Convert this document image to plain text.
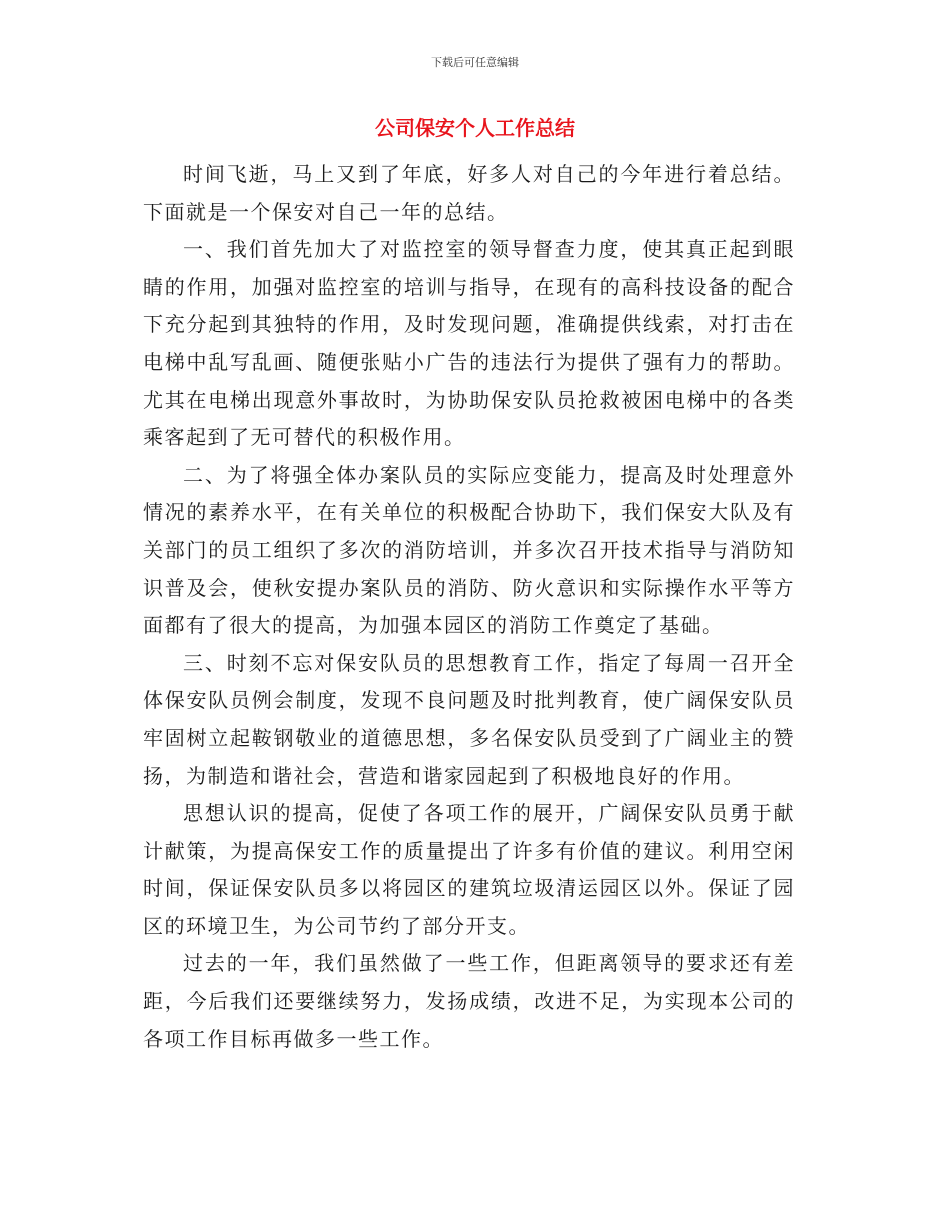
下载后可任意编辑
公司保安个人工作总结

时间飞逝，马上又到了年底，好多人对自己的今年进行着总结。下面就是一个保安对自己一年的总结。

一、我们首先加大了对监控室的领导督查力度，使其真正起到眼睛的作用，加强对监控室的培训与指导，在现有的高科技设备的配合下充分起到其独特的作用，及时发现问题，准确提供线索，对打击在电梯中乱写乱画、随便张贴小广告的违法行为提供了强有力的帮助。尤其在电梯出现意外事故时，为协助保安队员抢救被困电梯中的各类乘客起到了无可替代的积极作用。

二、为了将强全体办案队员的实际应变能力，提高及时处理意外情况的素养水平，在有关单位的积极配合协助下，我们保安大队及有关部门的员工组织了多次的消防培训，并多次召开技术指导与消防知识普及会，使秋安提办案队员的消防、防火意识和实际操作水平等方面都有了很大的提高，为加强本园区的消防工作奠定了基础。

三、时刻不忘对保安队员的思想教育工作，指定了每周一召开全体保安队员例会制度，发现不良问题及时批判教育，使广阔保安队员牢固树立起鞍钢敬业的道德思想，多名保安队员受到了广阔业主的赞扬，为制造和谐社会，营造和谐家园起到了积极地良好的作用。

思想认识的提高，促使了各项工作的展开，广阔保安队员勇于献计献策，为提高保安工作的质量提出了许多有价值的建议。利用空闲时间，保证保安队员多以将园区的建筑垃圾清运园区以外。保证了园区的环境卫生，为公司节约了部分开支。

过去的一年，我们虽然做了一些工作，但距离领导的要求还有差距，今后我们还要继续努力，发扬成绩，改进不足，为实现本公司的各项工作目标再做多一些工作。
